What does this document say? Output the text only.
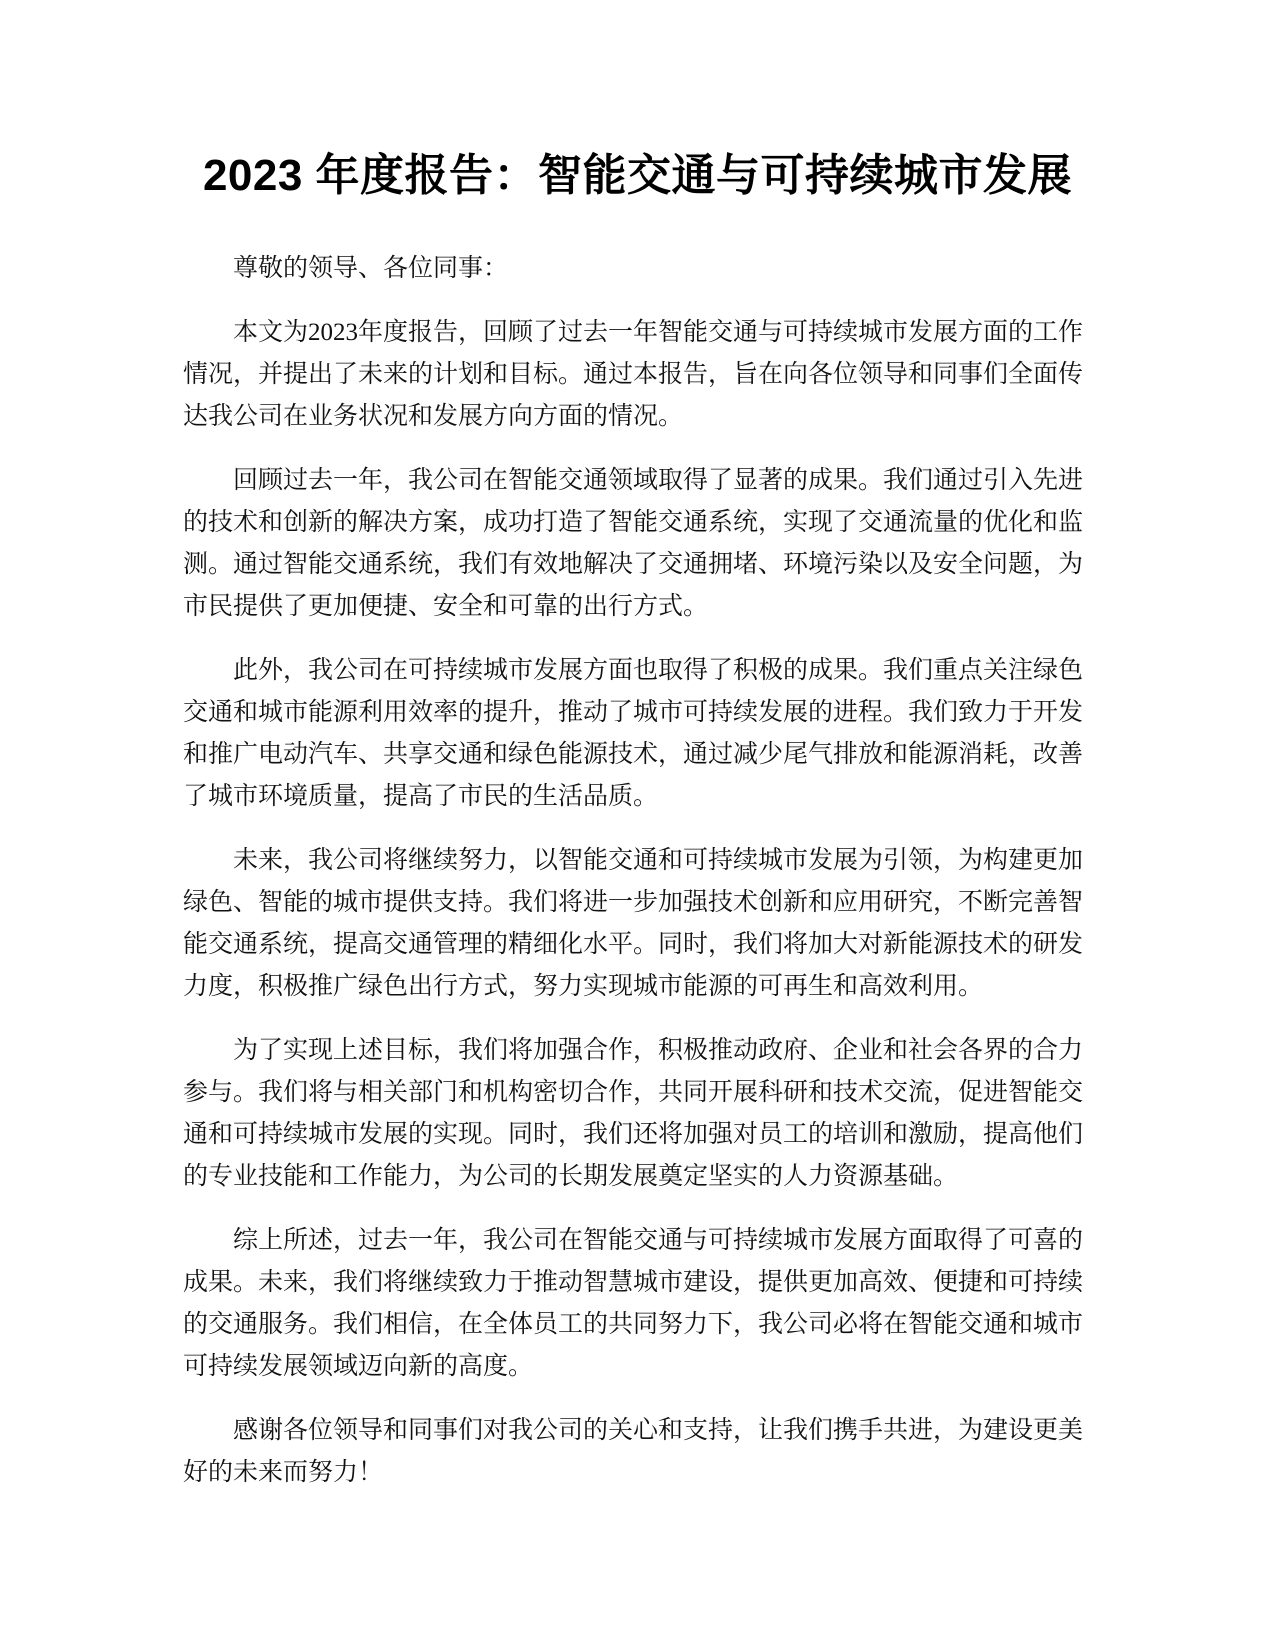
2023 年度报告：智能交通与可持续城市发展

尊敬的领导、各位同事：

本文为2023年度报告，回顾了过去一年智能交通与可持续城市发展方面的工作情况，并提出了未来的计划和目标。通过本报告，旨在向各位领导和同事们全面传达我公司在业务状况和发展方向方面的情况。

回顾过去一年，我公司在智能交通领域取得了显著的成果。我们通过引入先进的技术和创新的解决方案，成功打造了智能交通系统，实现了交通流量的优化和监测。通过智能交通系统，我们有效地解决了交通拥堵、环境污染以及安全问题，为市民提供了更加便捷、安全和可靠的出行方式。

此外，我公司在可持续城市发展方面也取得了积极的成果。我们重点关注绿色交通和城市能源利用效率的提升，推动了城市可持续发展的进程。我们致力于开发和推广电动汽车、共享交通和绿色能源技术，通过减少尾气排放和能源消耗，改善了城市环境质量，提高了市民的生活品质。

未来，我公司将继续努力，以智能交通和可持续城市发展为引领，为构建更加绿色、智能的城市提供支持。我们将进一步加强技术创新和应用研究，不断完善智能交通系统，提高交通管理的精细化水平。同时，我们将加大对新能源技术的研发力度，积极推广绿色出行方式，努力实现城市能源的可再生和高效利用。

为了实现上述目标，我们将加强合作，积极推动政府、企业和社会各界的合力参与。我们将与相关部门和机构密切合作，共同开展科研和技术交流，促进智能交通和可持续城市发展的实现。同时，我们还将加强对员工的培训和激励，提高他们的专业技能和工作能力，为公司的长期发展奠定坚实的人力资源基础。

综上所述，过去一年，我公司在智能交通与可持续城市发展方面取得了可喜的成果。未来，我们将继续致力于推动智慧城市建设，提供更加高效、便捷和可持续的交通服务。我们相信，在全体员工的共同努力下，我公司必将在智能交通和城市可持续发展领域迈向新的高度。

感谢各位领导和同事们对我公司的关心和支持，让我们携手共进，为建设更美好的未来而努力！
